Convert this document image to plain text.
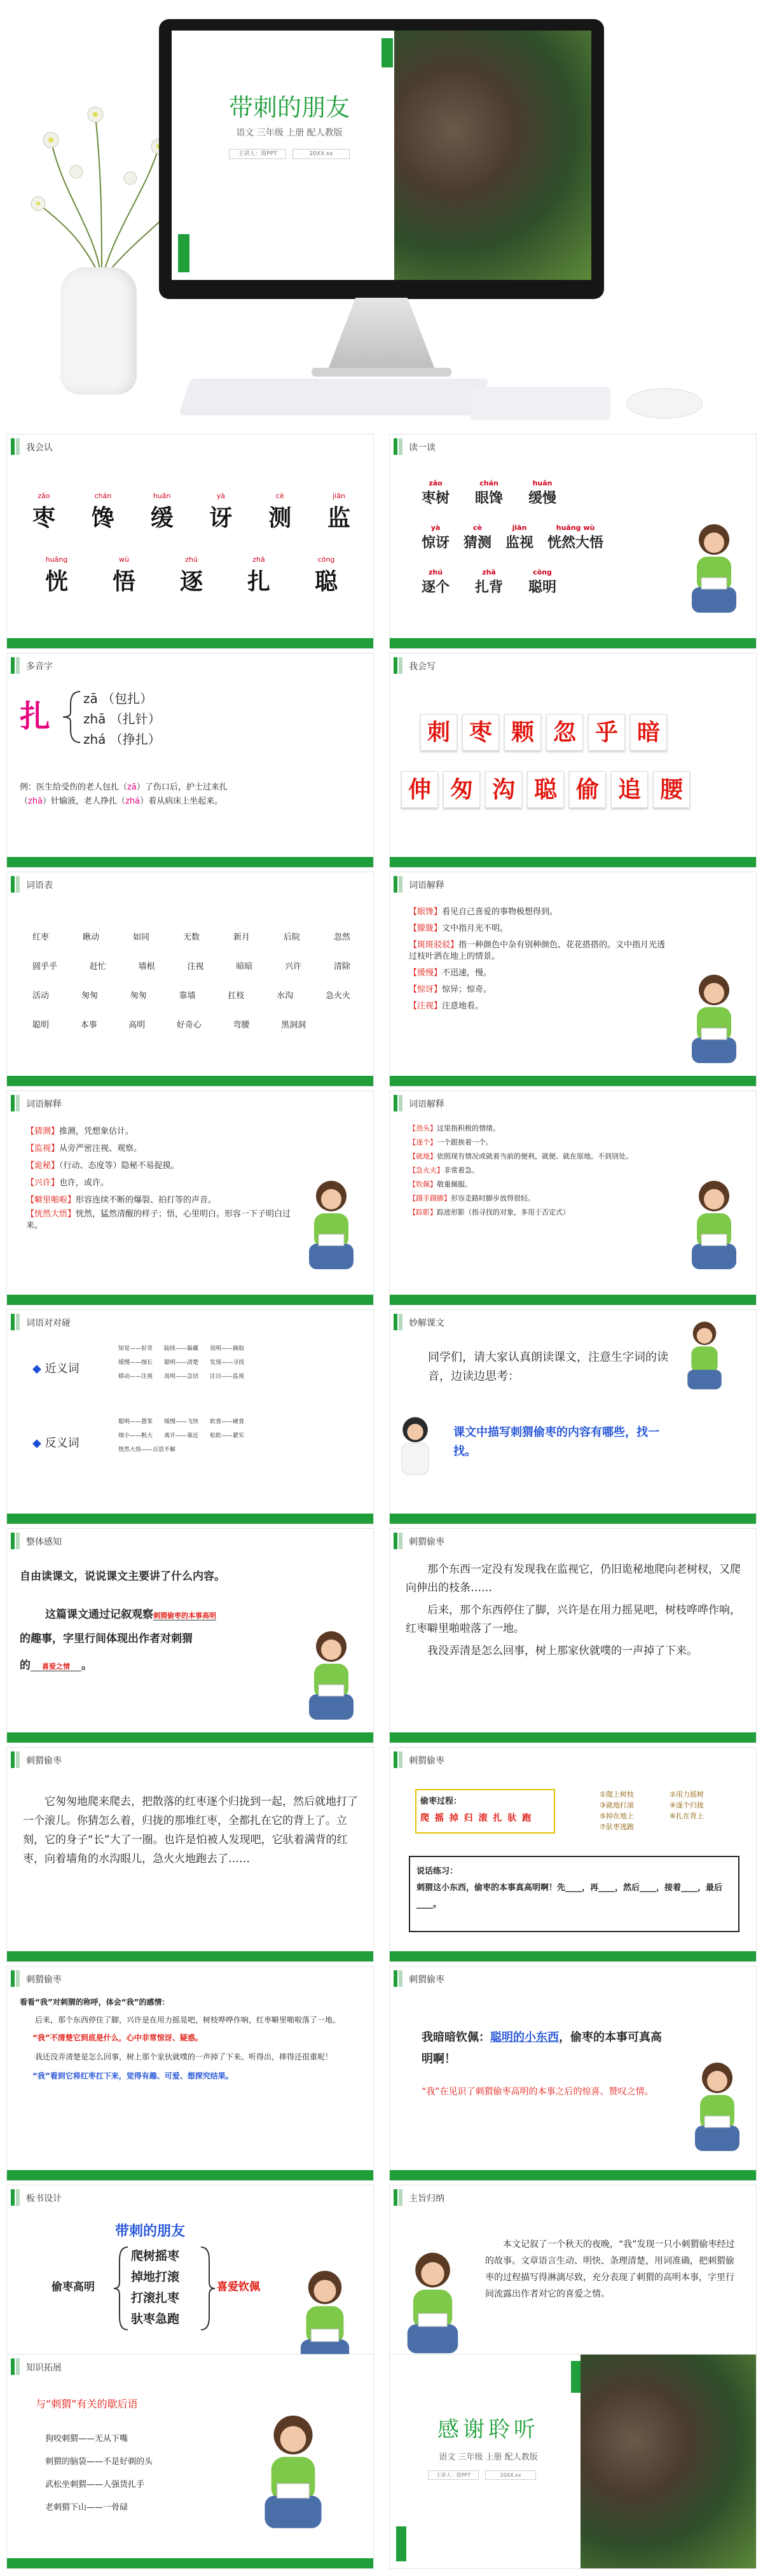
带刺的朋友
语文 三年级 上册 配人教版
主讲人：简PPT	20XX.xx
我会认
zǎo
枣
chán
馋
huǎn
缓
yà
讶
cè
测
jiān
监
huǎng
恍
wù
悟
zhú
逐
zhā
扎
cōng
聪
读一读
zǎo
枣树
chán
眼馋
huǎn
缓慢
yà
惊讶
cè
猜测
jiān
监视
huǎng wù
恍然大悟
zhú
逐个
zhā
扎背
cōng
聪明
多音字
扎	zā （包扎）
zhā （扎针）
zhá （挣扎）
例：医生给受伤的老人包扎（zā）了伤口后，护士过来扎
（zhā）针输液，老人挣扎（zhá）着从病床上坐起来。
我会写
刺 枣 颗 忽 乎 暗
伸 匆 沟 聪 偷 追 腰
词语表
红枣	瞅动	如同	无数	新月	后院	忽然
圆乎乎	赶忙	墙根	注视	暗暗	兴许	清除
活动	匆匆	匆匆	靠墙	扛枝	水沟	急火火
聪明	本事	高明	好奇心	弯腰	黑洞洞
词语解释
【眼馋】看见自己喜爱的事物极想得到。
【朦胧】文中指月光不明。
【斑斑驳驳】指一种颜色中杂有别种颜色、花花搭搭的。文中指月光透过枝叶洒在地上的情景。
【缓慢】不迅速，慢。
【惊讶】惊异；惊奇。
【注视】注意地看。
词语解释
【猜测】推测，凭想象估计。
【监视】从旁严密注视、观察。
【诡秘】（行动、态度等）隐秘不易捉摸。
【兴许】也许，或许。
【噼里啪啦】形容连续不断的爆裂、拍打等的声音。
【恍然大悟】恍然，猛然清醒的样子；悟，心里明白。形容一下子明白过来。
词语解释
【劲头】这里指积极的情绪。
【逐个】一个跟挨着一个。
【就地】依照现有情况或就着当前的便利，就便。就在原地。不到别处。
【急火火】非常着急。
【钦佩】敬重佩服。
【蹑手蹑脚】形容走路时脚步放得很轻。
【踪影】踪迹形影（指寻找的对象，多用于否定式）
词语对对碰
◆ 近义词
◆ 反义词
知觉——好奇 陆续——躲藏 说明——摘取
缓慢——细长 聪明——清楚 发现——寻找
移动——注视 高明——急切 注目——监视
聪明——愚笨 缓慢——飞快 软食——硬食
细小——粗大 离开——靠近 松软——紧实
恍然大悟——百思不解
妙解课文
同学们，请大家认真朗读课文，注意生字词的读音，边读边思考：
课文中描写刺猬偷枣的内容有哪些，找一找。
整体感知
自由读课文，说说课文主要讲了什么内容。
这篇课文通过记叙观察刺猬偷枣的本事高明
的趣事，字里行间体现出作者对刺猬
的 喜爱之情 。
刺猬偷枣

那个东西一定没有发现我在监视它，仍旧诡秘地爬向老树杈，又爬向伸出的枝条……

后来，那个东西停住了脚，兴许是在用力摇晃吧，树枝哗哗作响，红枣噼里啪啦落了一地。

我没弄清是怎么回事，树上那家伙就噗的一声掉了下来。

刺猬偷枣
它匆匆地爬来爬去，把散落的红枣逐个归拢到一起，然后就地打了一个滚儿。你猜怎么着，归拢的那堆红枣，全都扎在它的背上了。立刻，它的身子“长”大了一圈。也许是怕被人发现吧，它驮着满背的红枣，向着墙角的水沟眼儿，急火火地跑去了……
刺猬偷枣
偷枣过程：
爬 摇 掉 归 滚 扎 驮 跑
①爬上树枝	②用力摇树
③就地打滚	④逐个归拢
⑤掉在地上	⑥扎在背上
⑦驮枣逃跑
说话练习：
刺猬这小东西，偷枣的本事真高明啊！先____，再____，然后____，接着____，最后____。
刺猬偷枣
看看“我”对刺猬的称呼，体会“我”的感情：

后来，那个东西停住了脚，兴许是在用力摇晃吧，树枝哗哗作响，红枣噼里啪啦落了一地。

“我”不清楚它到底是什么，心中非常惊讶、疑惑。

我还没弄清楚是怎么回事，树上那个家伙就噗的一声掉了下来。听得出，摔得还很重呢！

“我”看到它将红枣扛下来，觉得有趣、可爱、想探究结果。

刺猬偷枣
我暗暗钦佩：聪明的小东西，偷枣的本事可真高明啊！
“我”在见识了刺猬偷枣高明的本事之后的惊喜、赞叹之情。
板书设计
带刺的朋友
偷枣高明
爬树摇枣
掉地打滚
打滚扎枣
驮枣急跑
喜爱钦佩
主旨归纳
本文记叙了一个秋天的夜晚，“我”发现一只小刺猬偷枣经过的故事。文章语言生动、明快、条理清楚，用词准确，把刺猬偷枣的过程描写得淋漓尽致，充分表现了刺猬的高明本事，字里行间流露出作者对它的喜爱之情。
知识拓展
与“刺猬”有关的歇后语
狗咬刺猬——无从下嘴
刺猬的脑袋——不是好剃的头
武松坐刺猬——人强货扎手
老刺猬下山——一骨碌
感谢聆听
语文 三年级 上册 配人教版
主讲人：简PPT	20XX.xx
